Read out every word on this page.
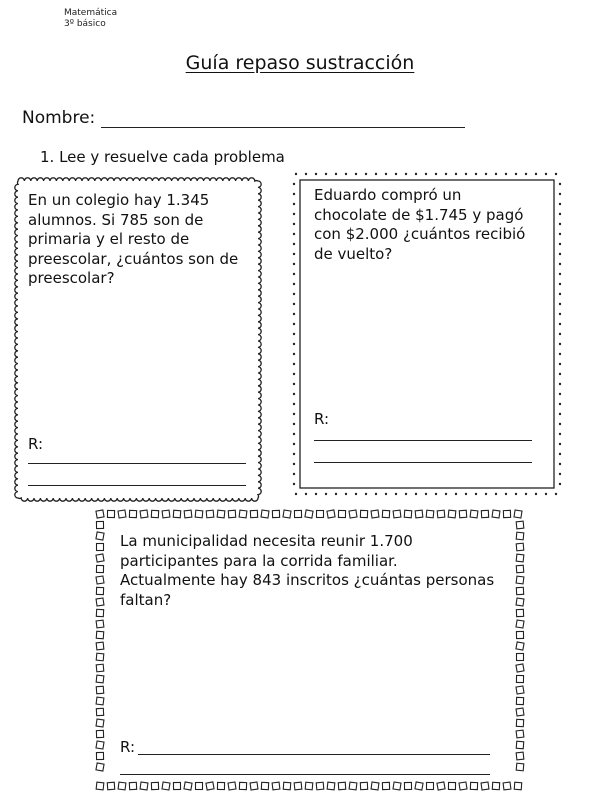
Matemática
3º básico
Guía repaso sustracción
Nombre:
1. Lee y resuelve cada problema
En un colegio hay 1.345
alumnos. Si 785 son de
primaria y el resto de
preescolar, ¿cuántos son de
preescolar?
R:
Eduardo compró un
chocolate de $1.745 y pagó
con $2.000 ¿cuántos recibió
de vuelto?
R:
La municipalidad necesita reunir 1.700
participantes para la corrida familiar.
Actualmente hay 843 inscritos ¿cuántas personas
faltan?
R:
